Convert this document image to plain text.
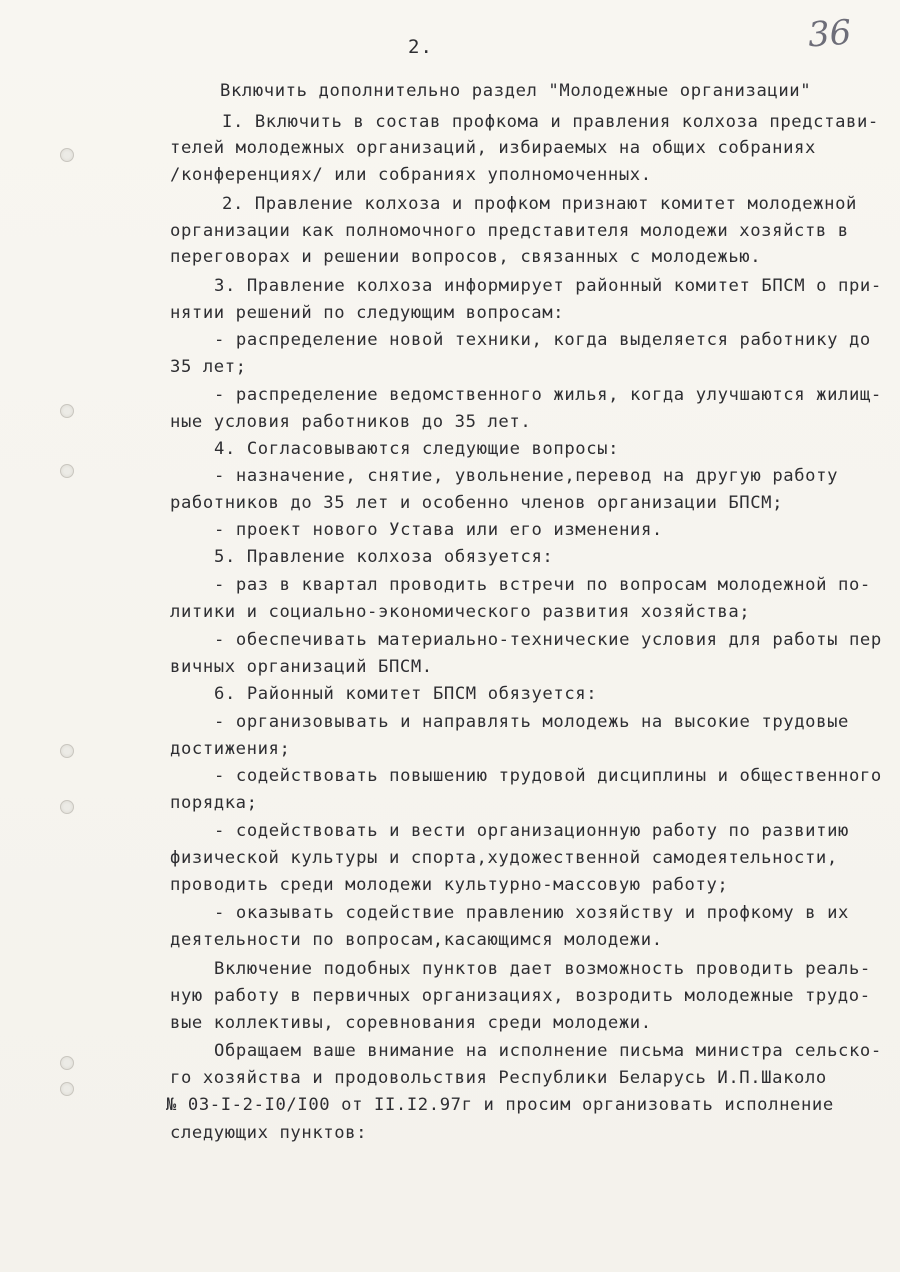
2.	36
Включить дополнительно раздел "Молодежные организации"
I. Включить в состав профкома и правления колхоза представи-
телей молодежных организаций, избираемых на общих собраниях
/конференциях/ или собраниях уполномоченных.
2. Правление колхоза и профком признают комитет молодежной
организации как полномочного представителя молодежи хозяйств в
переговорах и решении вопросов, связанных с молодежью.
3. Правление колхоза информирует районный комитет БПСМ о при-
нятии решений по следующим вопросам:
- распределение новой техники, когда выделяется работнику до
35 лет;
- распределение ведомственного жилья, когда улучшаются жилищ-
ные условия работников до 35 лет.
4. Согласовываются следующие вопросы:
- назначение, снятие, увольнение,перевод на другую работу
работников до 35 лет и особенно членов организации БПСМ;
- проект нового Устава или его изменения.
5. Правление колхоза обязуется:
- раз в квартал проводить встречи по вопросам молодежной по-
литики и социально-экономического развития хозяйства;
- обеспечивать материально-технические условия для работы пер
вичных организаций БПСМ.
6. Районный комитет БПСМ обязуется:
- организовывать и направлять молодежь на высокие трудовые
достижения;
- содействовать повышению трудовой дисциплины и общественного
порядка;
- содействовать и вести организационную работу по развитию
физической культуры и спорта,художественной самодеятельности,
проводить среди молодежи культурно-массовую работу;
- оказывать содействие правлению хозяйству и профкому в их
деятельности по вопросам,касающимся молодежи.
Включение подобных пунктов дает возможность проводить реаль-
ную работу в первичных организациях, возродить молодежные трудо-
вые коллективы, соревнования среди молодежи.
Обращаем ваше внимание на исполнение письма министра сельско-
го хозяйства и продовольствия Республики Беларусь И.П.Шаколо
№ 03-I-2-I0/I00 от II.I2.97г и просим организовать исполнение
следующих пунктов:
